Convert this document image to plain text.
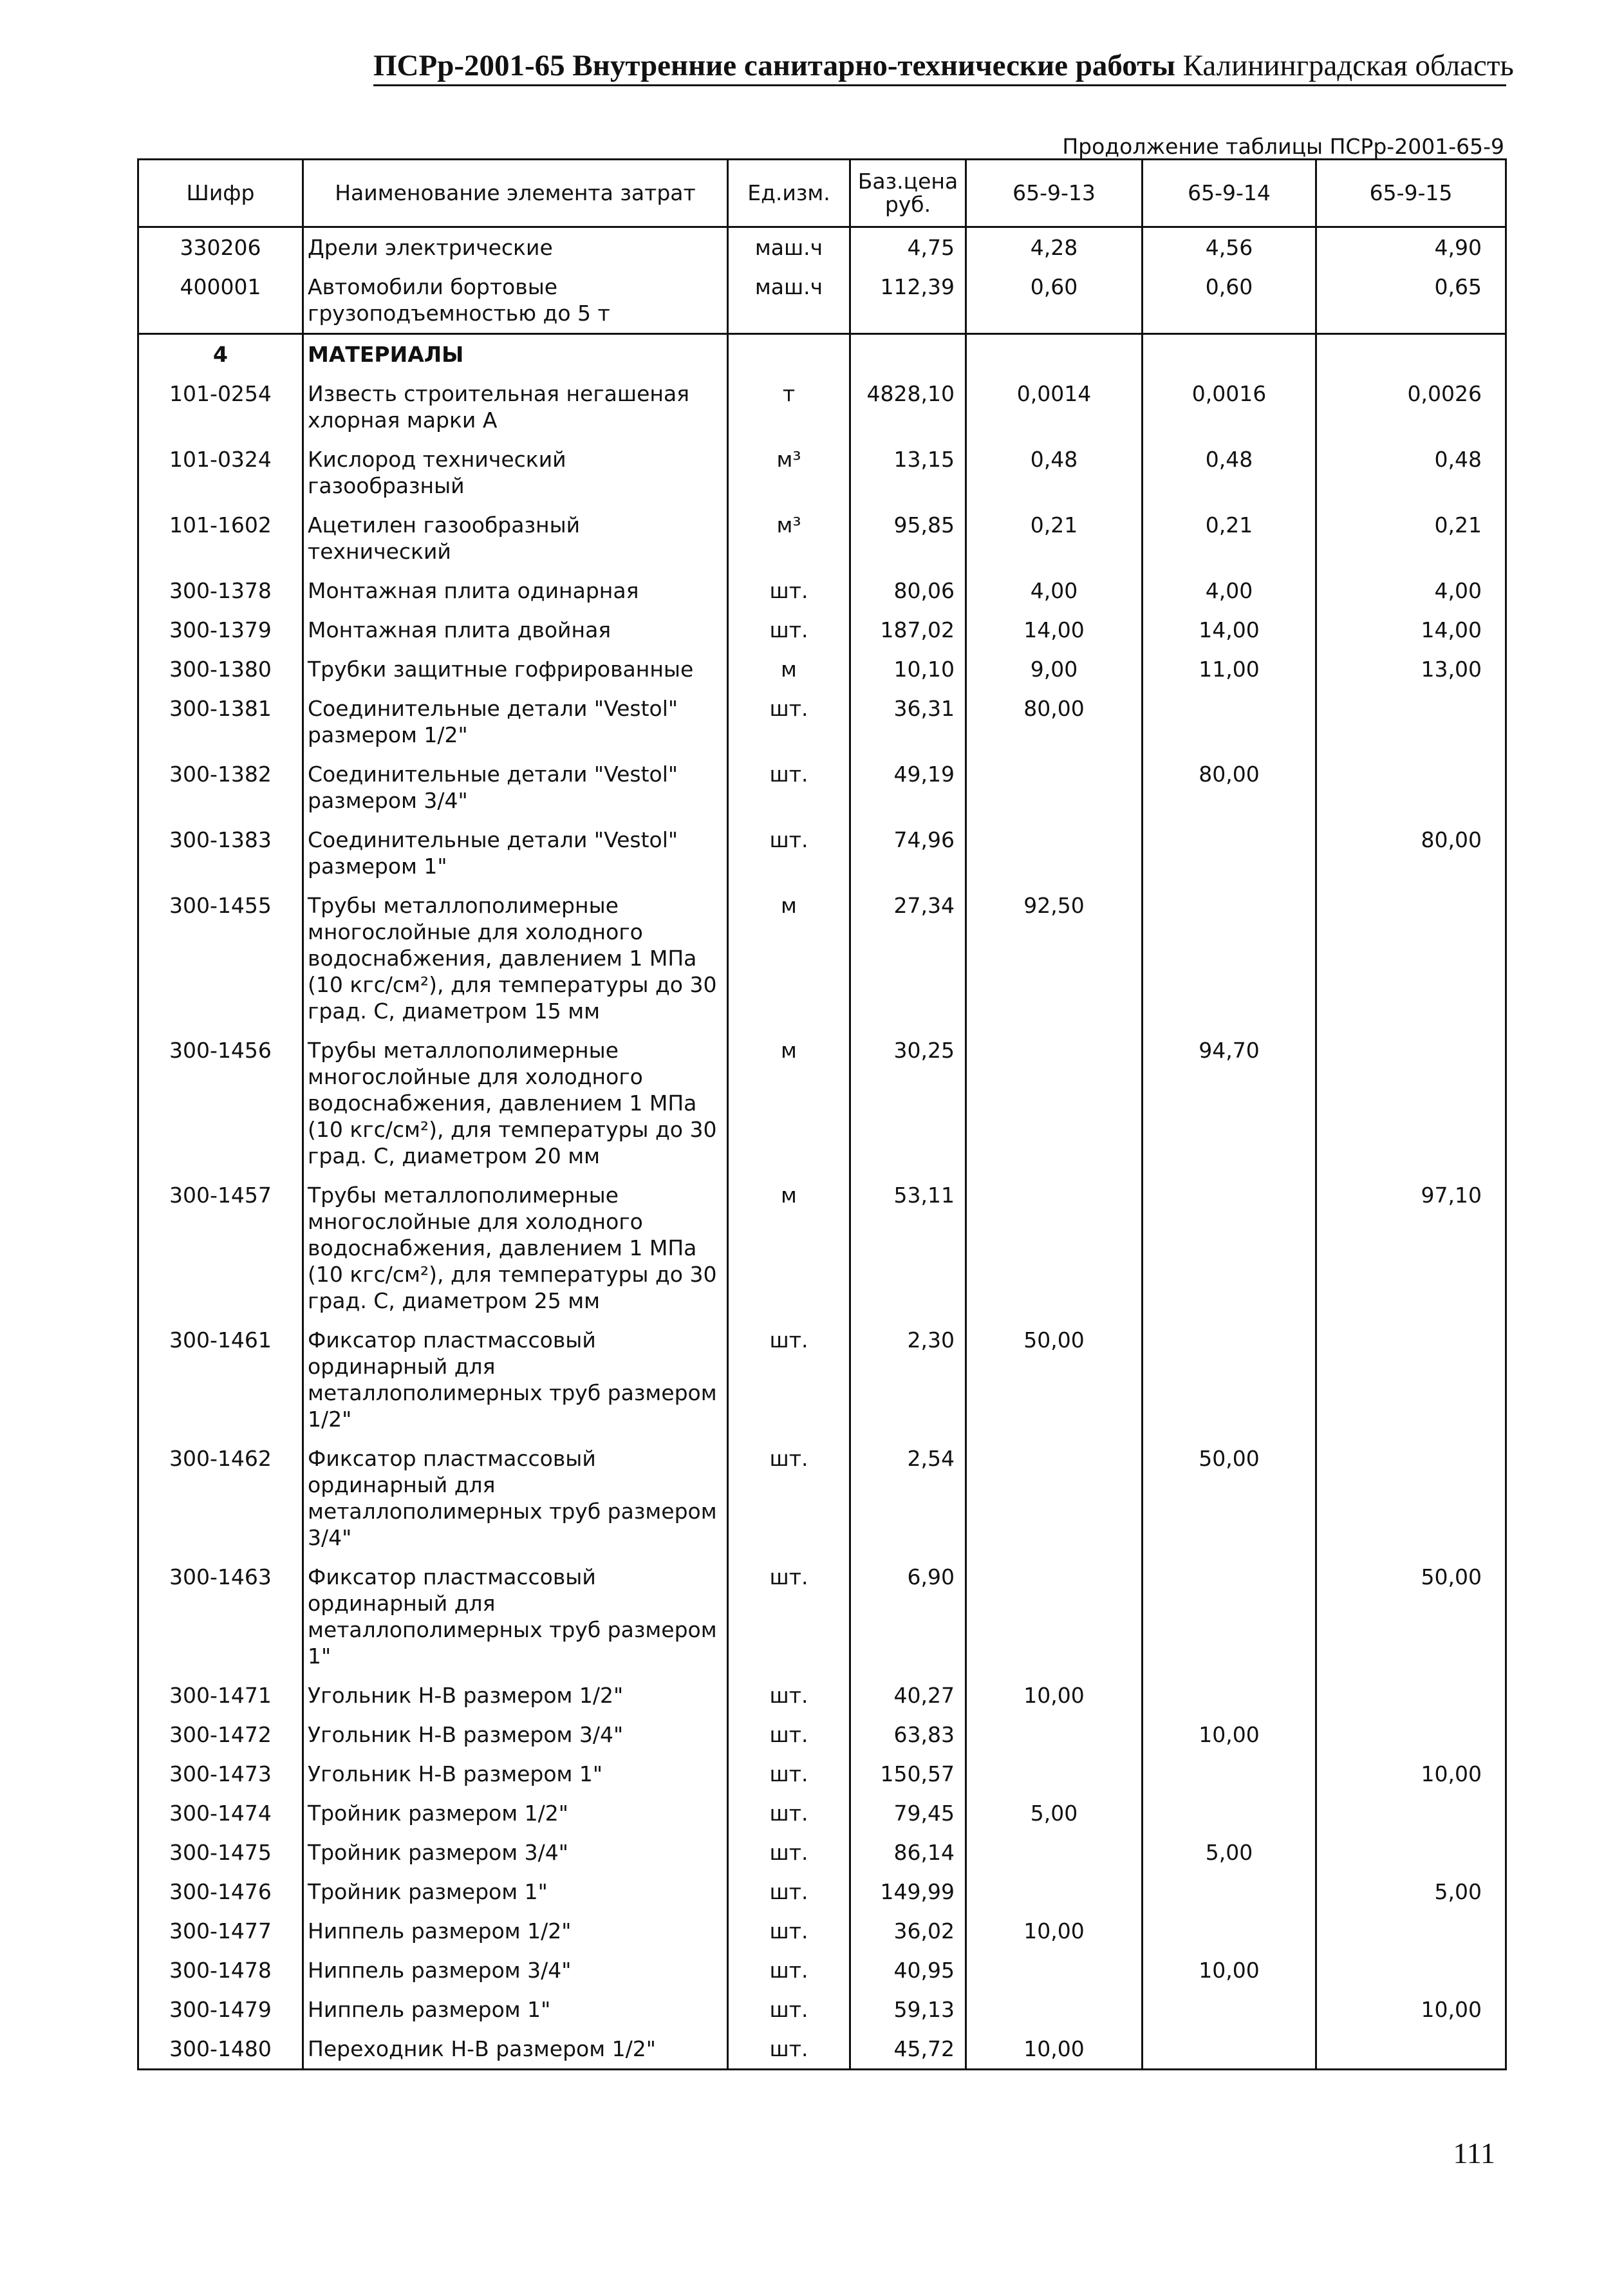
ПСРр-2001-65 Внутренние санитарно-технические работы Калининградская область
Продолжение таблицы ПСРр-2001-65-9
Шифр	Наименование элемента затрат	Ед.изм.	Баз.цена руб.	65-9-13	65-9-14	65-9-15
330206	Дрели электрические	маш.ч	4,75	4,28	4,56	4,90
400001	Автомобили бортовые грузоподъемностью до 5 т	маш.ч	112,39	0,60	0,60	0,65
4	МАТЕРИАЛЫ					
101-0254	Известь строительная негашеная хлорная марки А	т	4828,10	0,0014	0,0016	0,0026
101-0324	Кислород технический газообразный	м³	13,15	0,48	0,48	0,48
101-1602	Ацетилен газообразный технический	м³	95,85	0,21	0,21	0,21
300-1378	Монтажная плита одинарная	шт.	80,06	4,00	4,00	4,00
300-1379	Монтажная плита двойная	шт.	187,02	14,00	14,00	14,00
300-1380	Трубки защитные гофрированные	м	10,10	9,00	11,00	13,00
300-1381	Соединительные детали "Vestol" размером 1/2"	шт.	36,31	80,00		
300-1382	Соединительные детали "Vestol" размером 3/4"	шт.	49,19		80,00	
300-1383	Соединительные детали "Vestol" размером 1"	шт.	74,96			80,00
300-1455	Трубы металлополимерные многослойные для холодного водоснабжения, давлением 1 МПа (10 кгс/см²), для температуры до 30 град. С, диаметром 15 мм	м	27,34	92,50		
300-1456	Трубы металлополимерные многослойные для холодного водоснабжения, давлением 1 МПа (10 кгс/см²), для температуры до 30 град. С, диаметром 20 мм	м	30,25		94,70	
300-1457	Трубы металлополимерные многослойные для холодного водоснабжения, давлением 1 МПа (10 кгс/см²), для температуры до 30 град. С, диаметром 25 мм	м	53,11			97,10
300-1461	Фиксатор пластмассовый ординарный для металлополимерных труб размером 1/2"	шт.	2,30	50,00		
300-1462	Фиксатор пластмассовый ординарный для металлополимерных труб размером 3/4"	шт.	2,54		50,00	
300-1463	Фиксатор пластмассовый ординарный для металлополимерных труб размером 1"	шт.	6,90			50,00
300-1471	Угольник Н-В размером 1/2"	шт.	40,27	10,00		
300-1472	Угольник Н-В размером 3/4"	шт.	63,83		10,00	
300-1473	Угольник Н-В размером 1"	шт.	150,57			10,00
300-1474	Тройник размером 1/2"	шт.	79,45	5,00		
300-1475	Тройник размером 3/4"	шт.	86,14		5,00	
300-1476	Тройник размером 1"	шт.	149,99			5,00
300-1477	Ниппель размером 1/2"	шт.	36,02	10,00		
300-1478	Ниппель размером 3/4"	шт.	40,95		10,00	
300-1479	Ниппель размером 1"	шт.	59,13			10,00
300-1480	Переходник Н-В размером 1/2"	шт.	45,72	10,00		
111
